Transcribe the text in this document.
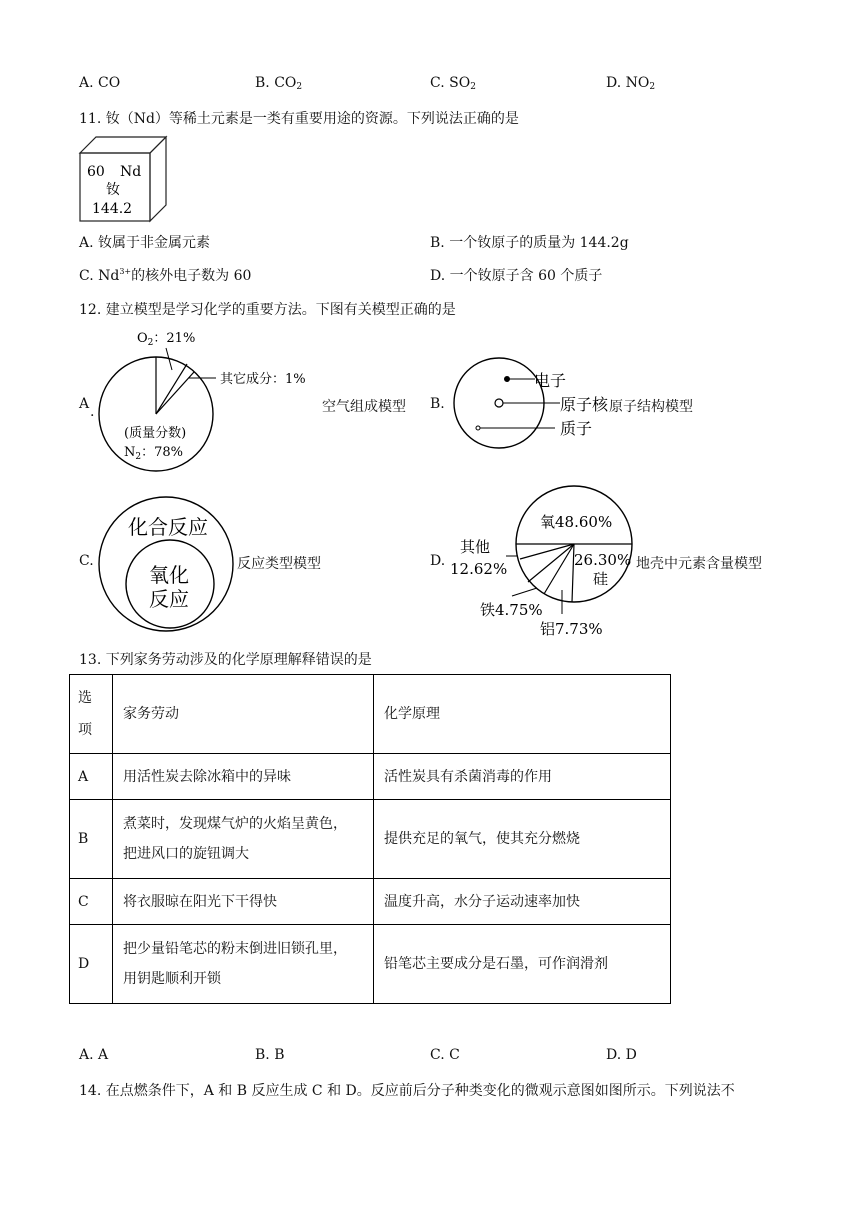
A. CO	B. $CO_2$	C. $SO_2$	D. $NO_2$
11. 钕（Nd）等稀土元素是一类有重要用途的资源。下列说法正确的是
60 Nd
钕
144.2
A. 钕属于非金属元素	B. 一个钕原子的质量为 144.2g
C. $Nd^{3+}$的核外电子数为 60	D. 一个钕原子含 60 个质子
12. 建立模型是学习化学的重要方法。下图有关模型正确的是
A .
$O_2$：21%
其它成分：1%
(质量分数)
$N_2$：78%
空气组成模型 B.
电子
原子核
质子
原子结构模型
C.
化合反应
氧化
反应
反应类型模型	D.
氧48.60%
26.30%
硅
其他
12.62%
铁4.75%
铝7.73%
地壳中元素含量模型
13. 下列家务劳动涉及的化学原理解释错误的是
选
项	家务劳动	化学原理
A	用活性炭去除冰箱中的异味	活性炭具有杀菌消毒的作用
B	煮菜时，发现煤气炉的火焰呈黄色，
把进风口的旋钮调大	提供充足的氧气，使其充分燃烧
C	将衣服晾在阳光下干得快	温度升高，水分子运动速率加快
D	把少量铅笔芯的粉末倒进旧锁孔里，
用钥匙顺利开锁	铅笔芯主要成分是石墨，可作润滑剂
A. A	B. B	C. C	D. D
14. 在点燃条件下，A 和 B 反应生成 C 和 D。反应前后分子种类变化的微观示意图如图所示。下列说法不
